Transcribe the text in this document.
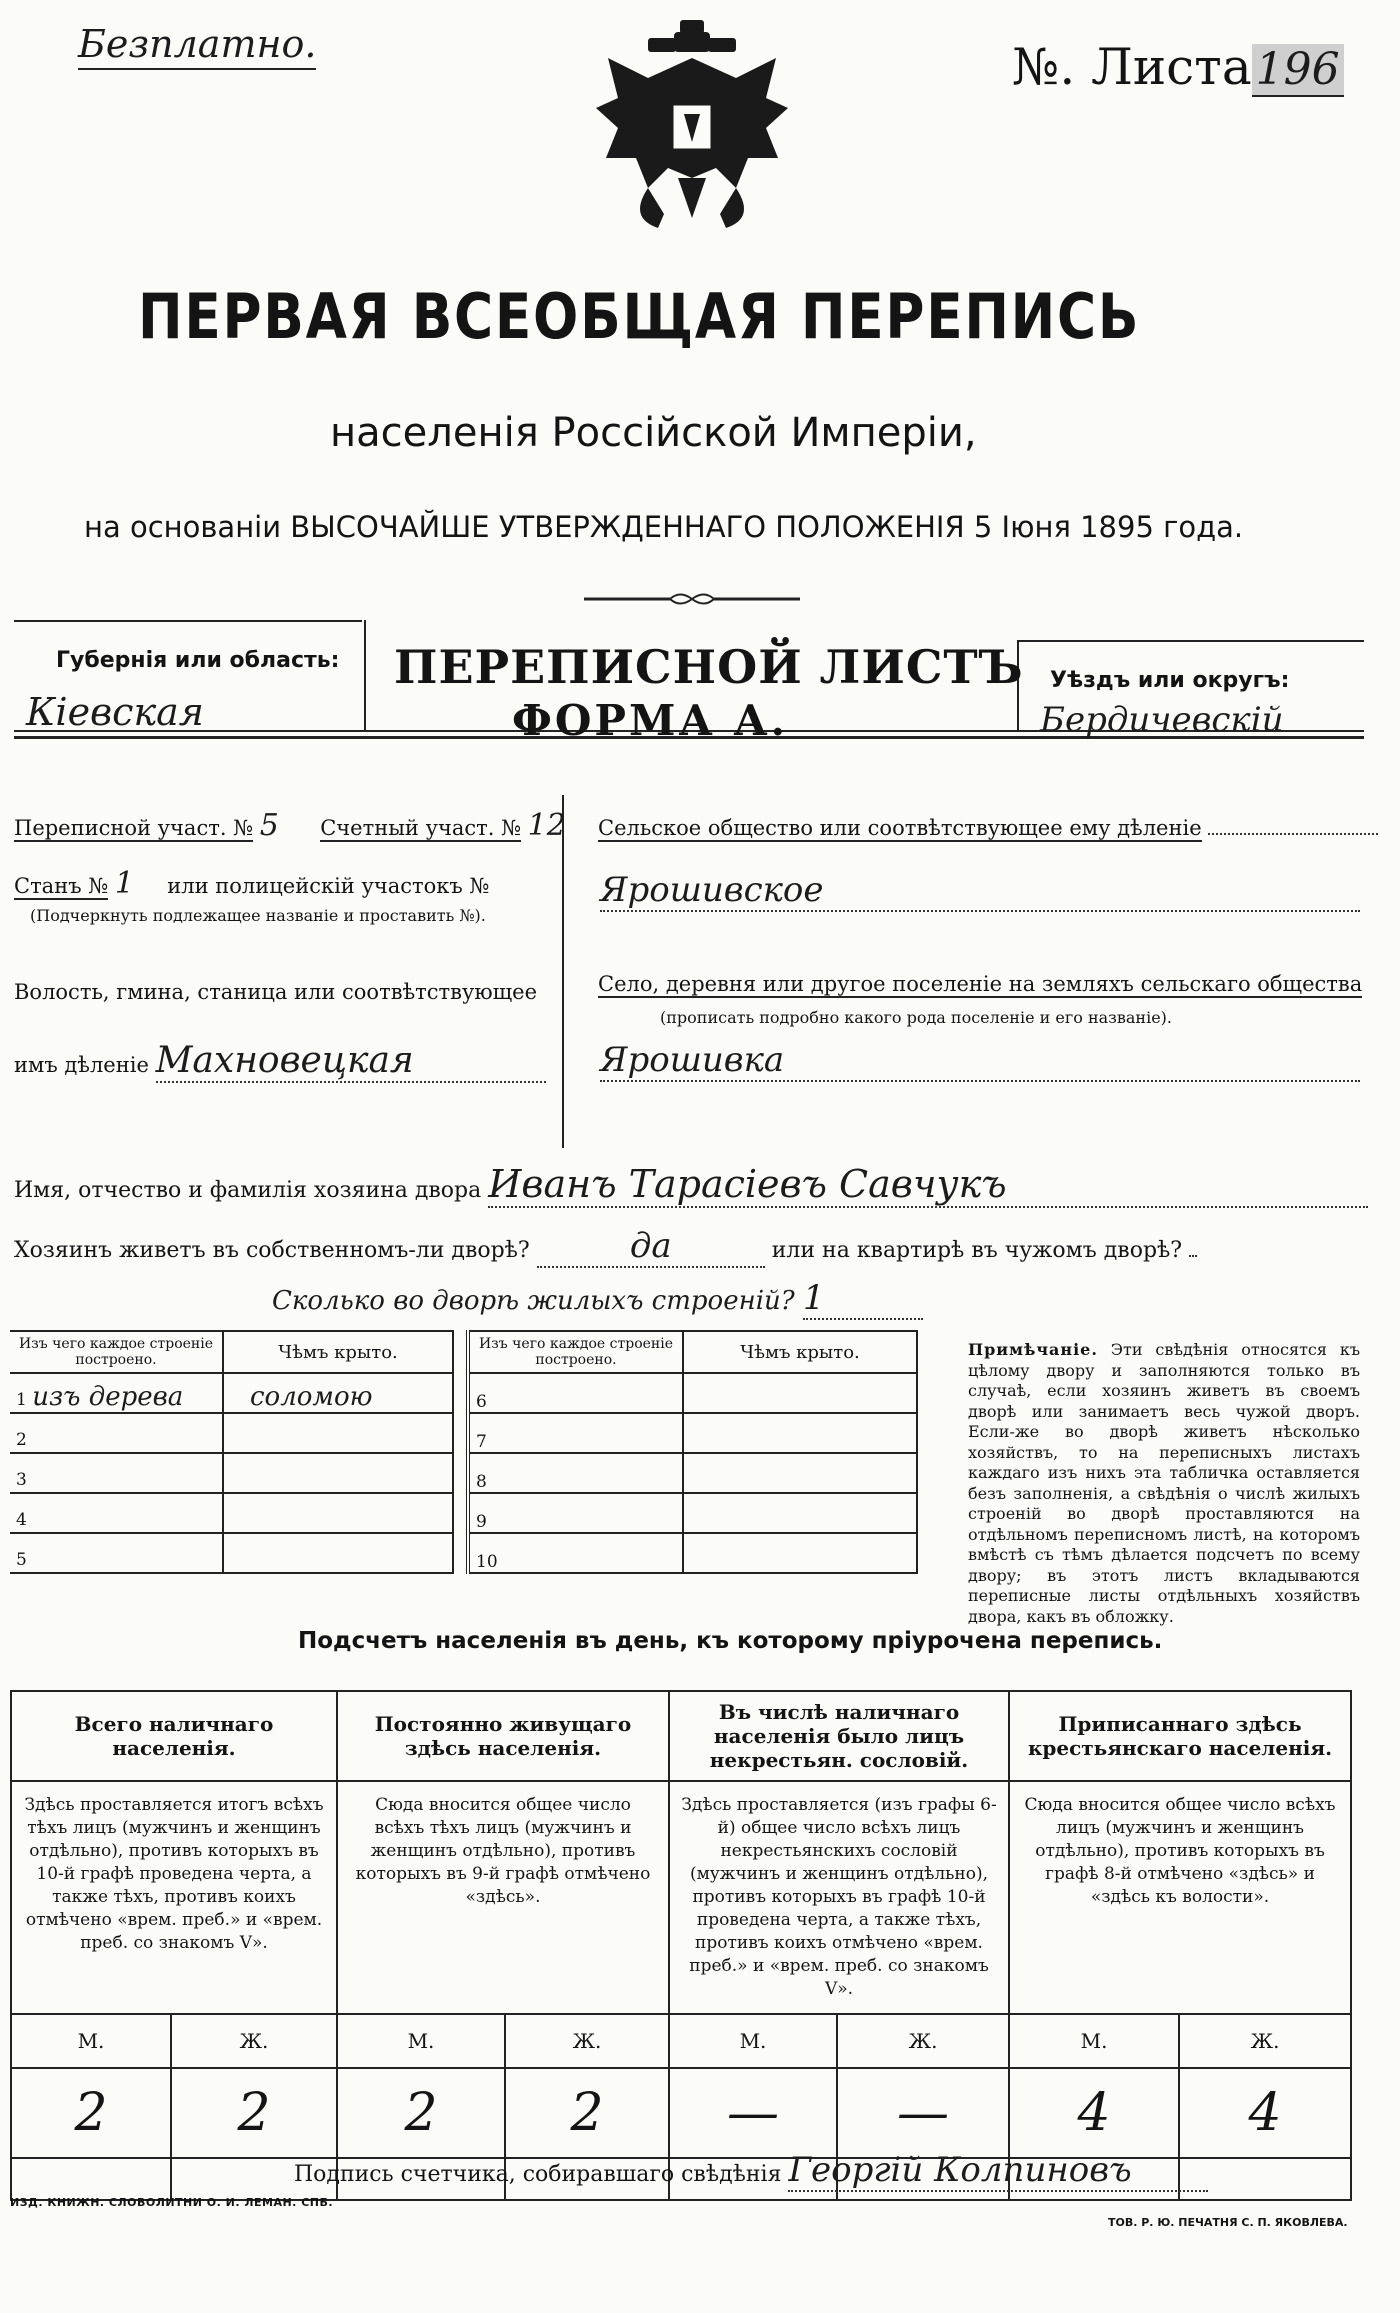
Безплатно.	№. Листа196
ПЕРВАЯ ВСЕОБЩАЯ ПЕРЕПИСЬ
населенія Россійской Имперіи,
на основаніи ВЫСОЧАЙШЕ УТВЕРЖДЕННАГО ПОЛОЖЕНІЯ 5 Іюня 1895 года.
Губернія или область:
Кіевская
ПЕРЕПИСНОЙ ЛИСТЪ
ФОРМА А.
Уѣздъ или округъ:
Бердичевскій
Переписной участ. № 5 Счетный участ. № 12
Станъ № 1 или полицейскій участокъ №
(Подчеркнуть подлежащее названіе и проставить №).
Волость, гмина, станица или соотвѣтствующее
имъ дѣленіе Махновецкая
Сельское общество или соотвѣтствующее ему дѣленіе
Ярошивское
Село, деревня или другое поселеніе на земляхъ сельскаго общества
(прописать подробно какого рода поселеніе и его названіе).
Ярошивка
Имя, отчество и фамилія хозяина двора Иванъ Тарасіевъ Савчукъ
Хозяинъ живетъ въ собственномъ-ли дворѣ?	да	или на квартирѣ въ чужомъ дворѣ?
Сколько во дворѣ жилыхъ строеній? 1
Изъ чего каждое строеніе построено.	Чѣмъ крыто.
1 изъ дерева	соломою
2	
3	
4	
5	
Изъ чего каждое строеніе построено.	Чѣмъ крыто.
6	
7	
8	
9	
10	
Примѣчаніе. Эти свѣдѣнія относятся къ цѣлому двору и заполняются только въ случаѣ, если хозяинъ живетъ въ своемъ дворѣ или занимаетъ весь чужой дворъ. Если-же во дворѣ живетъ нѣсколько хозяйствъ, то на переписныхъ листахъ каждаго изъ нихъ эта табличка оставляется безъ заполненія, а свѣдѣнія о числѣ жилыхъ строеній во дворѣ проставляются на отдѣльномъ переписномъ листѣ, на которомъ вмѣстѣ съ тѣмъ дѣлается подсчетъ по всему двору; въ этотъ листъ вкладываются переписные листы отдѣльныхъ хозяйствъ двора, какъ въ обложку.
Подсчетъ населенія въ день, къ которому пріурочена перепись.
Всего наличнаго населенія.		Постоянно живущаго здѣсь населенія.		Въ числѣ наличнаго населенія было лицъ некрестьян. сословій.		Приписаннаго здѣсь крестьянскаго населенія.	
Здѣсь проставляется итогъ всѣхъ тѣхъ лицъ (мужчинъ и женщинъ отдѣльно), противъ которыхъ въ 10-й графѣ проведена черта, а также тѣхъ, противъ коихъ отмѣчено «врем. преб.» и «врем. преб. со знакомъ V».		Сюда вносится общее число всѣхъ тѣхъ лицъ (мужчинъ и женщинъ отдѣльно), противъ которыхъ въ 9-й графѣ отмѣчено «здѣсь».		Здѣсь проставляется (изъ графы 6-й) общее число всѣхъ лицъ некрестьянскихъ сословій (мужчинъ и женщинъ отдѣльно), противъ которыхъ въ графѣ 10-й проведена черта, а также тѣхъ, противъ коихъ отмѣчено «врем. преб.» и «врем. преб. со знакомъ V».		Сюда вносится общее число всѣхъ лицъ (мужчинъ и женщинъ отдѣльно), противъ которыхъ въ графѣ 8-й отмѣчено «здѣсь» и «здѣсь къ волости».	
М.	Ж.	М.	Ж.	М.	Ж.	М.	Ж.
2	2	2	2	—	—	4	4

Подпись счетчика, собиравшаго свѣдѣнія Георгій Колпиновъ
ИЗД. КНИЖН. СЛОВОЛИТНИ О. И. ЛЕМАН. СПБ.
ТОВ. Р. Ю. ПЕЧАТНЯ С. П. ЯКОВЛЕВА.
